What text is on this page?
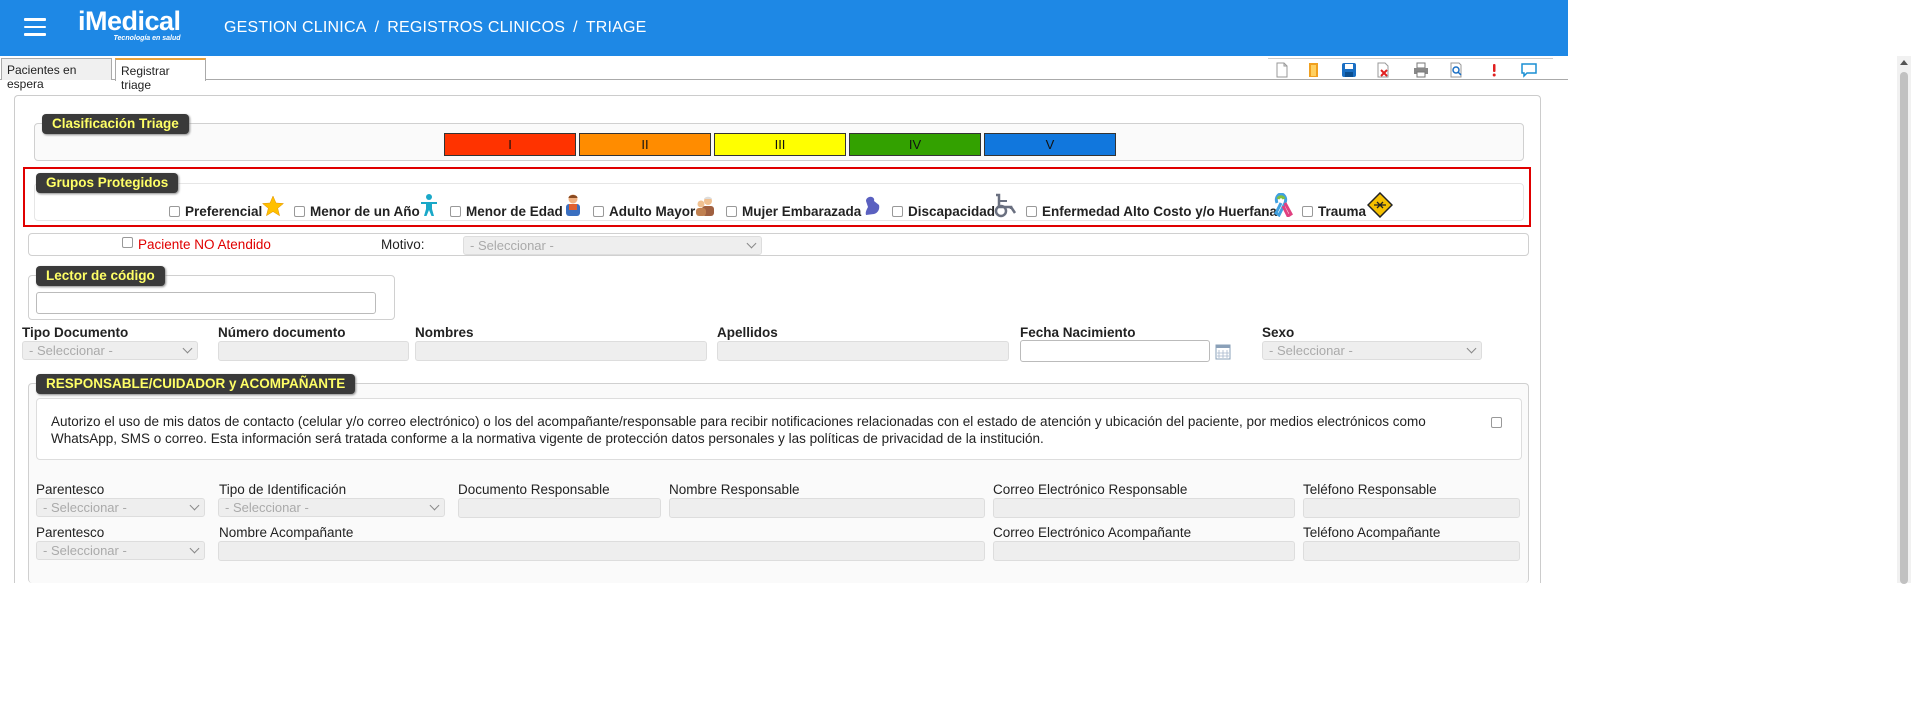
iMedical
Tecnología en salud
GESTION CLINICA / REGISTROS CLINICOS / TRIAGE
Pacientes en espera
Registrar triage
Clasificación Triage
I	II	III	IV	V
Grupos Protegidos
Preferencial	Menor de un Año	Menor de Edad	Adulto Mayor	Mujer Embarazada	Discapacidad	Enfermedad Alto Costo y/o Huerfana	Trauma
Paciente NO Atendido	Motivo:	- Seleccionar -
Lector de código
Tipo Documento
- Seleccionar -
Número documento	Nombres	Apellidos	Fecha Nacimiento	Sexo
- Seleccionar -
RESPONSABLE/CUIDADOR y ACOMPAÑANTE
Autorizo el uso de mis datos de contacto (celular y/o correo electrónico) o los del acompañante/responsable para recibir notificaciones relacionadas con el estado de atención y ubicación del paciente, por medios electrónicos como WhatsApp, SMS o correo. Esta información será tratada conforme a la normativa vigente de protección datos personales y las políticas de privacidad de la institución.
Parentesco
- Seleccionar -
Tipo de Identificación
- Seleccionar -
Documento Responsable	Nombre Responsable	Correo Electrónico Responsable	Teléfono Responsable
Parentesco
- Seleccionar -
Nombre Acompañante	Correo Electrónico Acompañante	Teléfono Acompañante
